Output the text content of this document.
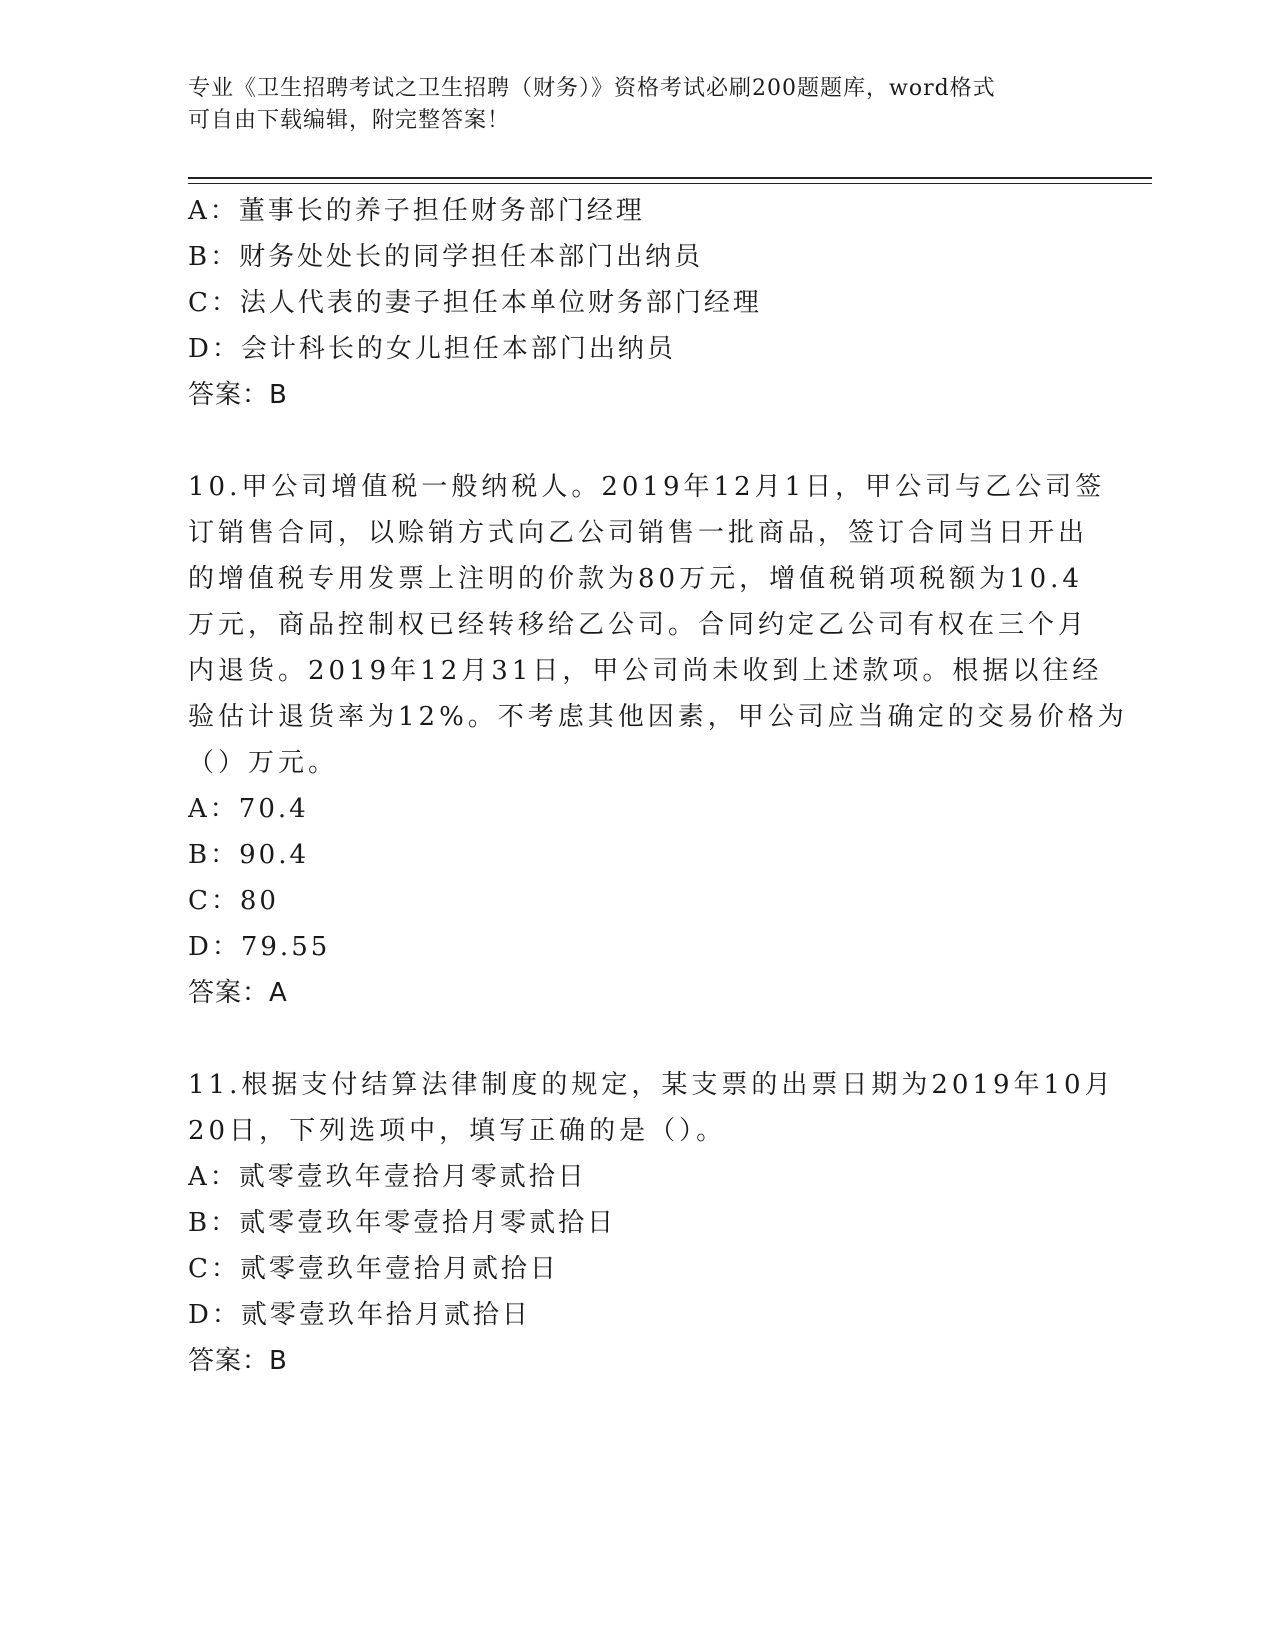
专业《卫生招聘考试之卫生招聘（财务）》资格考试必刷200题题库，word格式
可自由下载编辑，附完整答案！
A：董事长的养子担任财务部门经理
B：财务处处长的同学担任本部门出纳员
C：法人代表的妻子担任本单位财务部门经理
D：会计科长的女儿担任本部门出纳员
答案：B
10.甲公司增值税一般纳税人。2019年12月1日，甲公司与乙公司签
订销售合同，以赊销方式向乙公司销售一批商品，签订合同当日开出
的增值税专用发票上注明的价款为80万元，增值税销项税额为10.4
万元，商品控制权已经转移给乙公司。合同约定乙公司有权在三个月
内退货。2019年12月31日，甲公司尚未收到上述款项。根据以往经
验估计退货率为12%。不考虑其他因素，甲公司应当确定的交易价格为
（）万元。
A：70.4
B：90.4
C：80
D：79.55
答案：A
11.根据支付结算法律制度的规定，某支票的出票日期为2019年10月
20日，下列选项中，填写正确的是（）。
A：贰零壹玖年壹拾月零贰拾日
B：贰零壹玖年零壹拾月零贰拾日
C：贰零壹玖年壹拾月贰拾日
D：贰零壹玖年拾月贰拾日
答案：B
